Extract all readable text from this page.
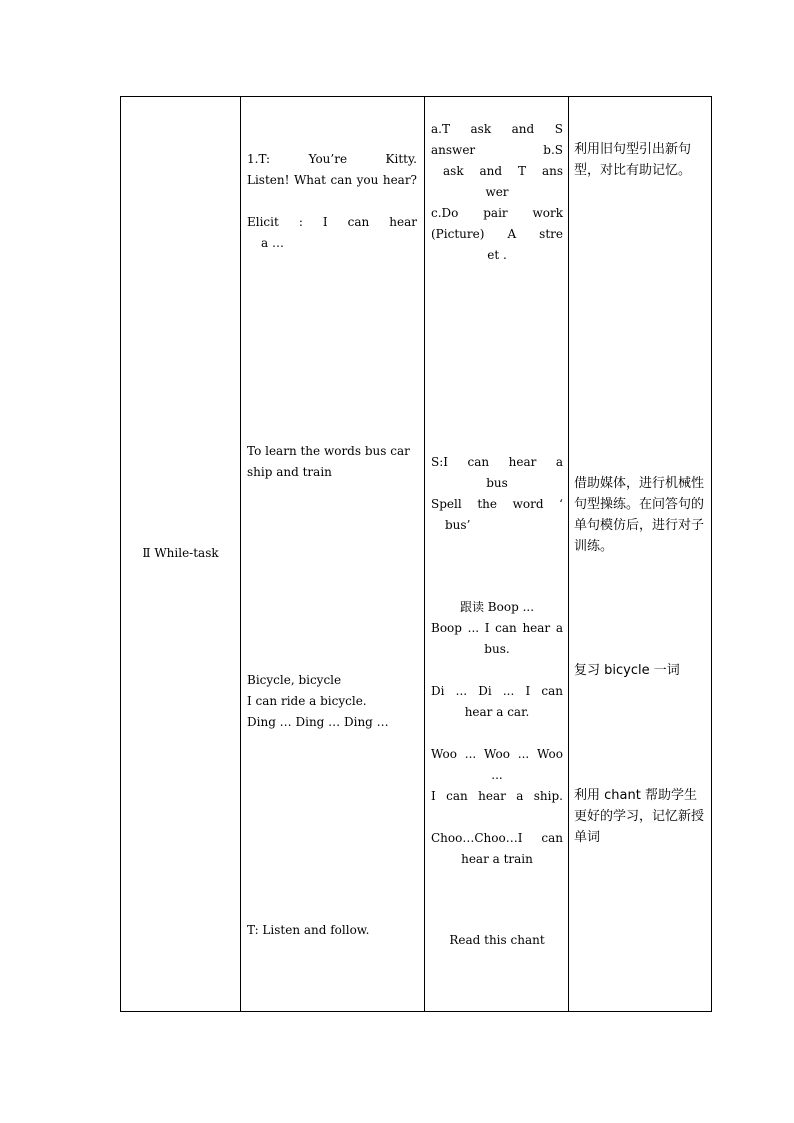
Ⅱ While-task
1.T: You’re Kitty.
Listen! What can you hear?
Elicit : I can hear
a …
To learn the words bus car
ship and train
Bicycle, bicycle
I can ride a bicycle.
Ding … Ding … Ding …
T: Listen and follow.
a.T ask and S
answer b.S
ask and T ans
wer
c.Do pair work
(Picture) A stre
et .
S:I can hear a
bus
Spell the word ‘
bus’
跟读 Boop ...
Boop ... I can hear a
bus.
Di ... Di ... I can
hear a car.
Woo ... Woo ... Woo
...
I can hear a ship.
Choo…Choo…I can
hear a train
Read this chant
利用旧句型引出新句型，对比有助记忆。
借助媒体，进行机械性句型操练。在问答句的单句模仿后，进行对子训练。
复习 bicycle 一词
利用 chant 帮助学生更好的学习，记忆新授单词
